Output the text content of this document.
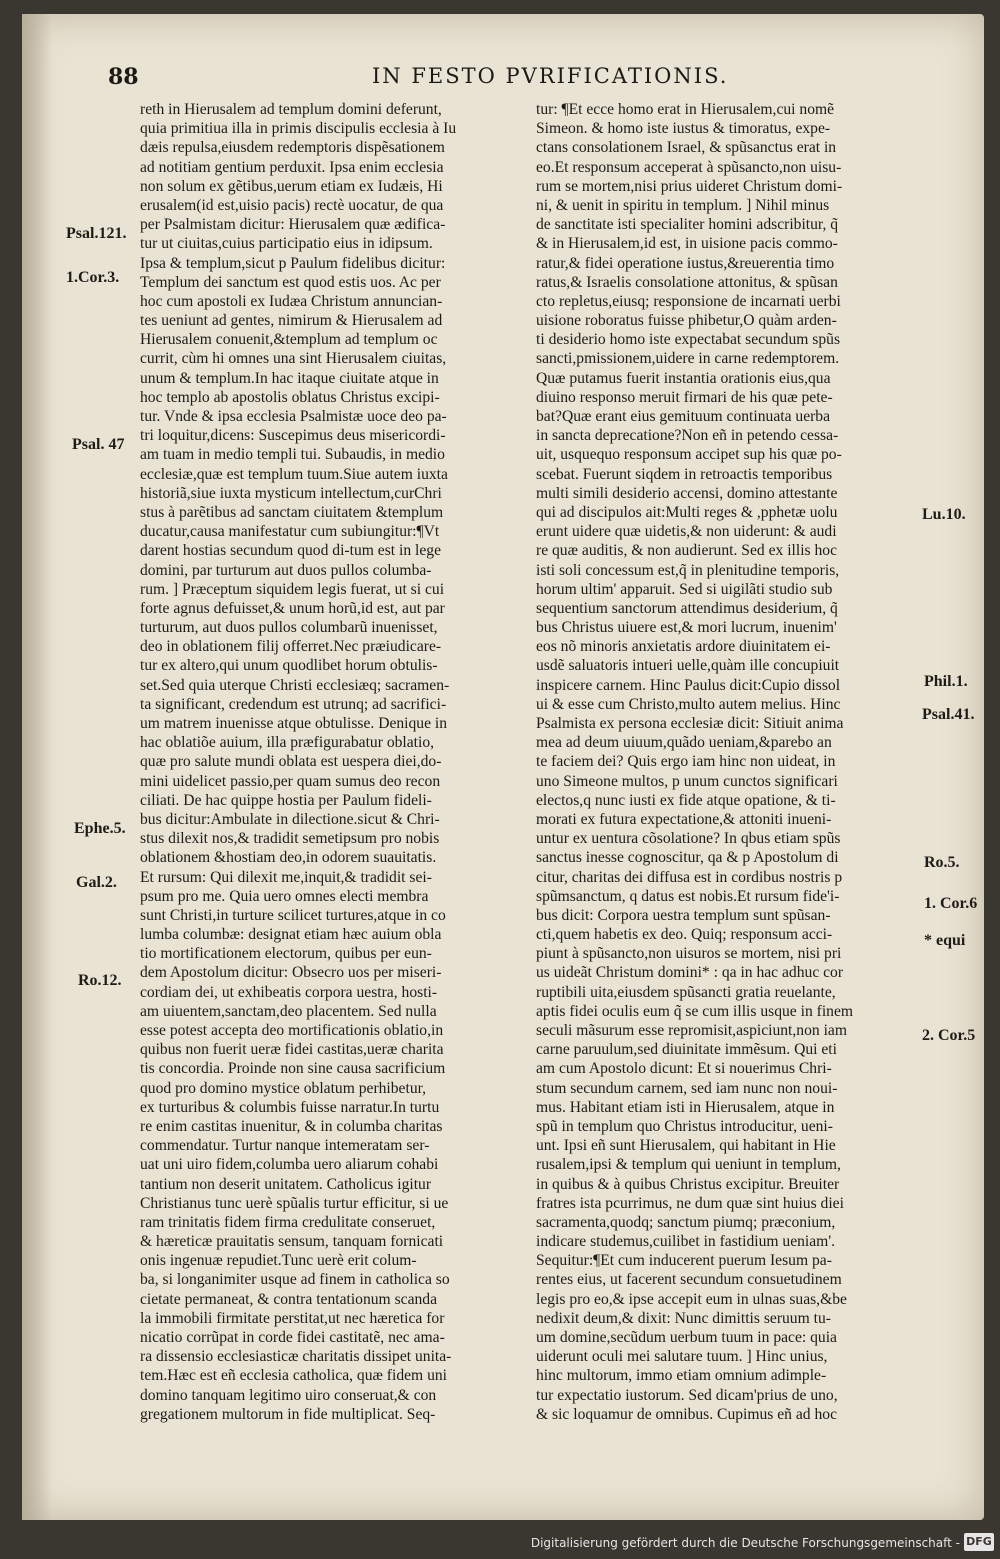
88	IN FESTO PVRIFICATIONIS.
reth in Hierusalem ad templum domini deferunt,
quia primitiua illa in primis discipulis ecclesia à Iu
dæis repulsa,eiusdem redemptoris dispẽsationem
ad notitiam gentium perduxit. Ipsa enim ecclesia
non solum ex gẽtibus,uerum etiam ex Iudæis, Hi
erusalem(id est,uisio pacis) rectè uocatur, de qua
per Psalmistam dicitur: Hierusalem quæ ædifica-
tur ut ciuitas,cuius participatio eius in idipsum.
Ipsa & templum,sicut p Paulum fidelibus dicitur:
Templum dei sanctum est quod estis uos. Ac per
hoc cum apostoli ex Iudæa Christum annuncian-
tes ueniunt ad gentes, nimirum & Hierusalem ad
Hierusalem conuenit,&templum ad templum oc
currit, cùm hi omnes una sint Hierusalem ciuitas,
unum & templum.In hac itaque ciuitate atque in
hoc templo ab apostolis oblatus Christus excipi-
tur. Vnde & ipsa ecclesia Psalmistæ uoce deo pa-
tri loquitur,dicens: Suscepimus deus misericordi-
am tuam in medio templi tui. Subaudis, in medio
ecclesiæ,quæ est templum tuum.Siue autem iuxta
historiã,siue iuxta mysticum intellectum,curChri
stus à parẽtibus ad sanctam ciuitatem &templum
ducatur,causa manifestatur cum subiungitur:¶Vt
darent hostias secundum quod di-tum est in lege
domini, par turturum aut duos pullos columba-
rum. ] Præceptum siquidem legis fuerat, ut si cui
forte agnus defuisset,& unum horũ,id est, aut par
turturum, aut duos pullos columbarũ inuenisset,
deo in oblationem filij offerret.Nec præiudicare-
tur ex altero,qui unum quodlibet horum obtulis-
set.Sed quia uterque Christi ecclesiæq; sacramen-
ta significant, credendum est utrunq; ad sacrifici-
um matrem inuenisse atque obtulisse. Denique in
hac oblatiõe auium, illa præfigurabatur oblatio,
quæ pro salute mundi oblata est uespera diei,do-
mini uidelicet passio,per quam sumus deo recon
ciliati. De hac quippe hostia per Paulum fideli-
bus dicitur:Ambulate in dilectione.sicut & Chri-
stus dilexit nos,& tradidit semetipsum pro nobis
oblationem &hostiam deo,in odorem suauitatis.
Et rursum: Qui dilexit me,inquit,& tradidit sei-
psum pro me. Quia uero omnes electi membra
sunt Christi,in turture scilicet turtures,atque in co
lumba columbæ: designat etiam hæc auium obla
tio mortificationem electorum, quibus per eun-
dem Apostolum dicitur: Obsecro uos per miseri-
cordiam dei, ut exhibeatis corpora uestra, hosti-
am uiuentem,sanctam,deo placentem. Sed nulla
esse potest accepta deo mortificationis oblatio,in
quibus non fuerit ueræ fidei castitas,ueræ charita
tis concordia. Proinde non sine causa sacrificium
quod pro domino mystice oblatum perhibetur,
ex turturibus & columbis fuisse narratur.In turtu
re enim castitas inuenitur, & in columba charitas
commendatur. Turtur nanque intemeratam ser-
uat uni uiro fidem,columba uero aliarum cohabi
tantium non deserit unitatem. Catholicus igitur
Christianus tunc uerè spũalis turtur efficitur, si ue
ram trinitatis fidem firma credulitate conseruet,
& hæreticæ prauitatis sensum, tanquam fornicati
onis ingenuæ repudiet.Tunc uerè erit colum-
ba, si longanimiter usque ad finem in catholica so
cietate permaneat, & contra tentationum scanda
la immobili firmitate perstitat,ut nec hæretica for
nicatio corrũpat in corde fidei castitatẽ, nec ama-
ra dissensio ecclesiasticæ charitatis dissipet unita-
tem.Hæc est eñ ecclesia catholica, quæ fidem uni
domino tanquam legitimo uiro conseruat,& con
gregationem multorum in fide multiplicat. Seq-
tur: ¶Et ecce homo erat in Hierusalem,cui nomẽ
Simeon. & homo iste iustus & timoratus, expe-
ctans consolationem Israel, & spũsanctus erat in
eo.Et responsum acceperat à spũsancto,non uisu-
rum se mortem,nisi prius uideret Christum domi-
ni, & uenit in spiritu in templum. ] Nihil minus
de sanctitate isti specialiter homini adscribitur, q̃
& in Hierusalem,id est, in uisione pacis commo-
ratur,& fidei operatione iustus,&reuerentia timo
ratus,& Israelis consolatione attonitus, & spũsan
cto repletus,eiusq; responsione de incarnati uerbi
uisione roboratus fuisse phibetur,O quàm arden-
ti desiderio homo iste expectabat secundum spũs
sancti,pmissionem,uidere in carne redemptorem.
Quæ putamus fuerit instantia orationis eius,qua
diuino responso meruit firmari de his quæ pete-
bat?Quæ erant eius gemituum continuata uerba
in sancta deprecatione?Non eñ in petendo cessa-
uit, usquequo responsum accipet sup his quæ po-
scebat. Fuerunt siqdem in retroactis temporibus
multi simili desiderio accensi, domino attestante
qui ad discipulos ait:Multi reges & ,pphetæ uolu
erunt uidere quæ uidetis,& non uiderunt: & audi
re quæ auditis, & non audierunt. Sed ex illis hoc
isti soli concessum est,q̃ in plenitudine temporis,
horum ultim' apparuit. Sed si uigilãti studio sub
sequentium sanctorum attendimus desiderium, q̃
bus Christus uiuere est,& mori lucrum, inuenim'
eos nõ minoris anxietatis ardore diuinitatem ei-
usdẽ saluatoris intueri uelle,quàm ille concupiuit
inspicere carnem. Hinc Paulus dicit:Cupio dissol
ui & esse cum Christo,multo autem melius. Hinc
Psalmista ex persona ecclesiæ dicit: Sitiuit anima
mea ad deum uiuum,quãdo ueniam,&parebo an
te faciem dei? Quis ergo iam hinc non uideat, in
uno Simeone multos, p unum cunctos significari
electos,q nunc iusti ex fide atque opatione, & ti-
morati ex futura expectatione,& attoniti inueni-
untur ex uentura cõsolatione? In qbus etiam spũs
sanctus inesse cognoscitur, qa & p Apostolum di
citur, charitas dei diffusa est in cordibus nostris p
spũmsanctum, q datus est nobis.Et rursum fide'i-
bus dicit: Corpora uestra templum sunt spũsan-
cti,quem habetis ex deo. Quiq; responsum acci-
piunt à spũsancto,non uisuros se mortem, nisi pri
us uideãt Christum domini* : qa in hac adhuc cor
ruptibili uita,eiusdem spũsancti gratia reuelante,
aptis fidei oculis eum q̃ se cum illis usque in finem
seculi mãsurum esse repromisit,aspiciunt,non iam
carne paruulum,sed diuinitate immẽsum. Qui eti
am cum Apostolo dicunt: Et si nouerimus Chri-
stum secundum carnem, sed iam nunc non noui-
mus. Habitant etiam isti in Hierusalem, atque in
spũ in templum quo Christus introducitur, ueni-
unt. Ipsi eñ sunt Hierusalem, qui habitant in Hie
rusalem,ipsi & templum qui ueniunt in templum,
in quibus & à quibus Christus excipitur. Breuiter
fratres ista pcurrimus, ne dum quæ sint huius diei
sacramenta,quodq; sanctum piumq; præconium,
indicare studemus,cuilibet in fastidium ueniam'.
Sequitur:¶Et cum inducerent puerum Iesum pa-
rentes eius, ut facerent secundum consuetudinem
legis pro eo,& ipse accepit eum in ulnas suas,&be
nedixit deum,& dixit: Nunc dimittis seruum tu-
um domine,secũdum uerbum tuum in pace: quia
uiderunt oculi mei salutare tuum. ] Hinc unius,
hinc multorum, immo etiam omnium adimple-
tur expectatio iustorum. Sed dicam'prius de uno,
& sic loquamur de omnibus. Cupimus eñ ad hoc
Psal.121.
1.Cor.3.
Psal. 47
Ephe.5.
Gal.2.
Ro.12.
Lu.10.
Phil.1.
Psal.41.
Ro.5.
1. Cor.6
* equi
2. Cor.5
Digitalisierung gefördert durch die Deutsche Forschungsgemeinschaft - DFG
